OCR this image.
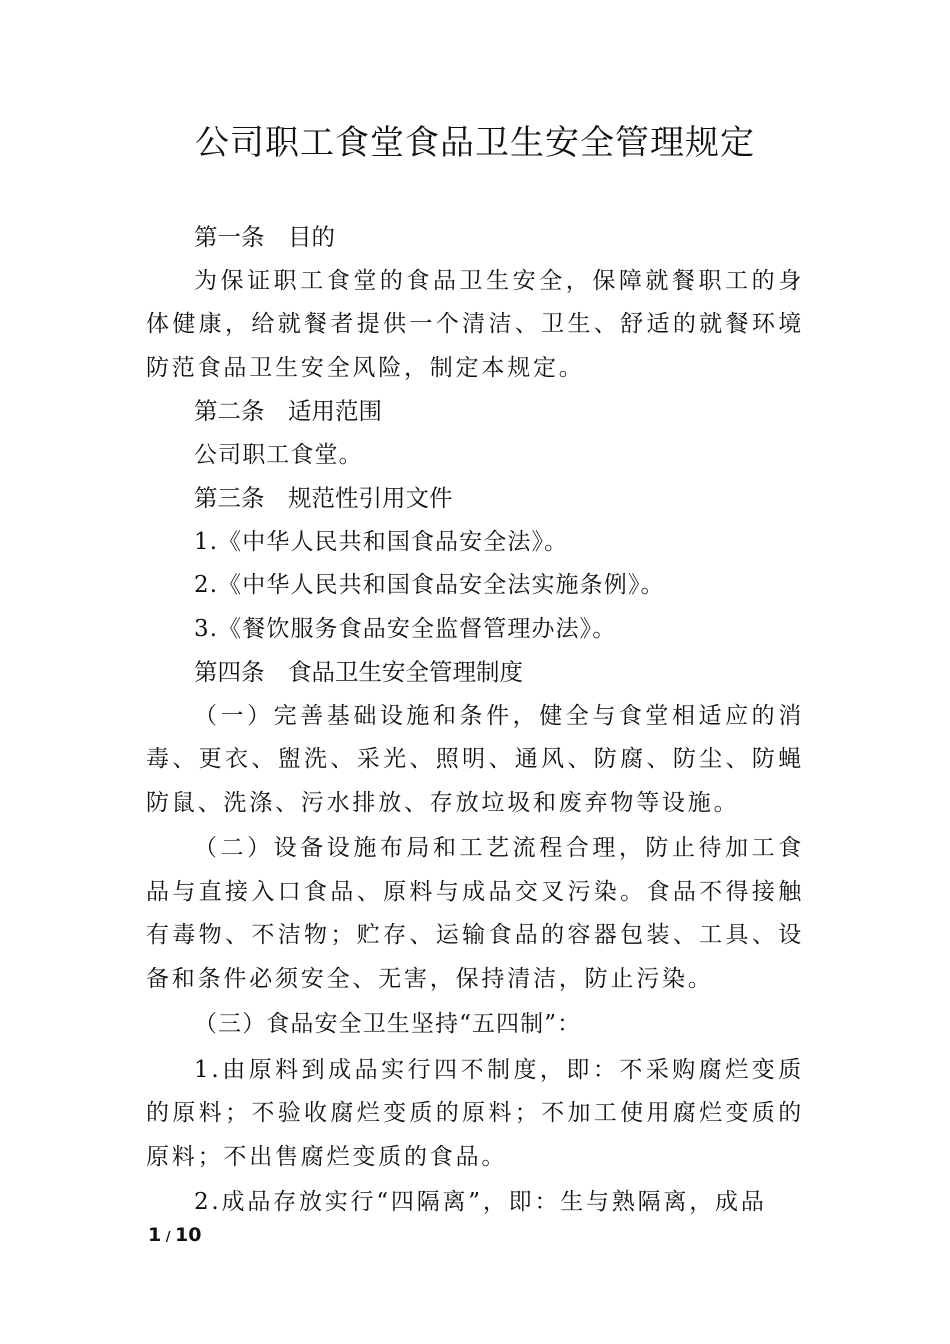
公司职工食堂食品卫生安全管理规定

第一条　目的

为保证职工食堂的食品卫生安全，保障就餐职工的身体健康，给就餐者提供一个清洁、卫生、舒适的就餐环境防范食品卫生安全风险，制定本规定。

第二条　适用范围

公司职工食堂。

第三条　规范性引用文件

1.《中华人民共和国食品安全法》。

2.《中华人民共和国食品安全法实施条例》。

3.《餐饮服务食品安全监督管理办法》。

第四条　食品卫生安全管理制度

（一）完善基础设施和条件，健全与食堂相适应的消毒、更衣、盥洗、采光、照明、通风、防腐、防尘、防蝇防鼠、洗涤、污水排放、存放垃圾和废弃物等设施。

（二）设备设施布局和工艺流程合理，防止待加工食品与直接入口食品、原料与成品交叉污染。食品不得接触有毒物、不洁物；贮存、运输食品的容器包装、工具、设备和条件必须安全、无害，保持清洁，防止污染。

（三）食品安全卫生坚持“五四制”：

1.由原料到成品实行四不制度，即：不采购腐烂变质的原料；不验收腐烂变质的原料；不加工使用腐烂变质的原料；不出售腐烂变质的食品。

2.成品存放实行“四隔离”，即：生与熟隔离，成品

1 / 10
